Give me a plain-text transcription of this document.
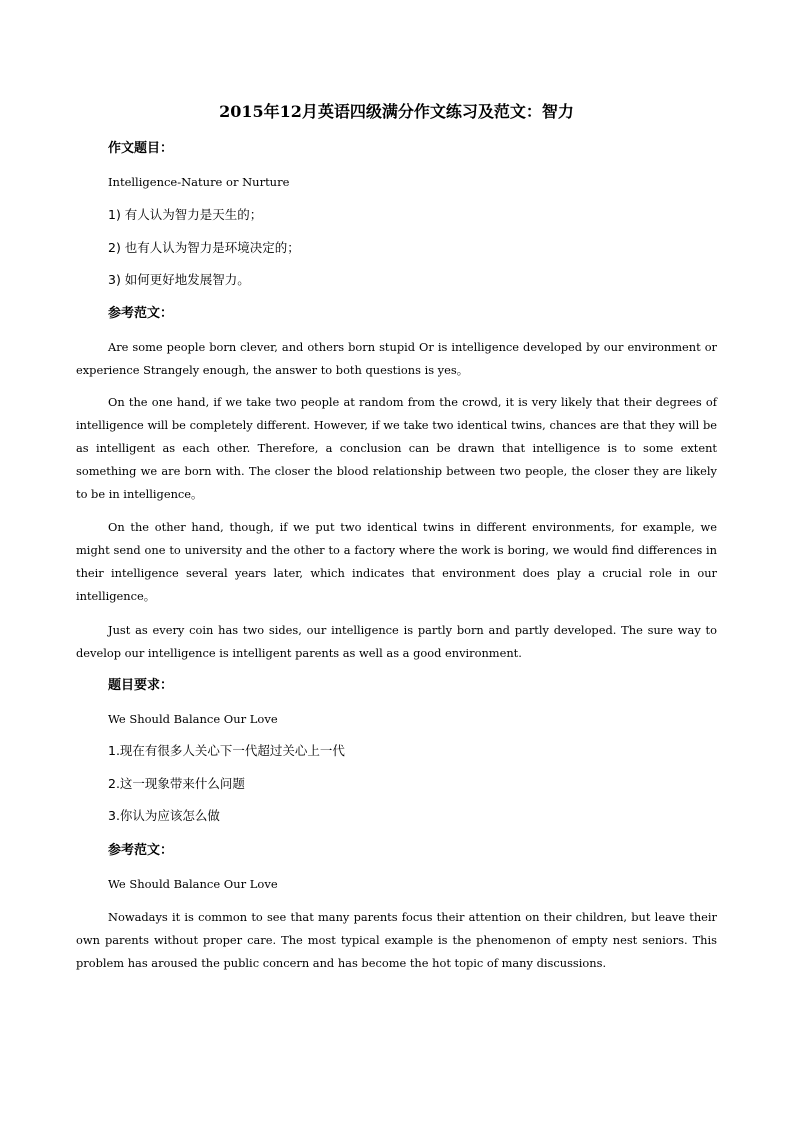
2015年12月英语四级满分作文练习及范文：智力
作文题目：
Intelligence-Nature or Nurture
1) 有人认为智力是天生的；
2) 也有人认为智力是环境决定的；
3) 如何更好地发展智力。
参考范文：

Are some people born clever, and others born stupid Or is intelligence developed by our environment or experience Strangely enough, the answer to both questions is yes。

On the one hand, if we take two people at random from the crowd, it is very likely that their degrees of intelligence will be completely different. However, if we take two identical twins, chances are that they will be as intelligent as each other. Therefore, a conclusion can be drawn that intelligence is to some extent something we are born with. The closer the blood relationship between two people, the closer they are likely to be in intelligence。

On the other hand, though, if we put two identical twins in different environments, for example, we might send one to university and the other to a factory where the work is boring, we would find differences in their intelligence several years later, which indicates that environment does play a crucial role in our intelligence。

Just as every coin has two sides, our intelligence is partly born and partly developed. The sure way to develop our intelligence is intelligent parents as well as a good environment.

题目要求：
We Should Balance Our Love
1.现在有很多人关心下一代超过关心上一代
2.这一现象带来什么问题
3.你认为应该怎么做
参考范文：
We Should Balance Our Love

Nowadays it is common to see that many parents focus their attention on their children, but leave their own parents without proper care. The most typical example is the phenomenon of empty nest seniors. This problem has aroused the public concern and has become the hot topic of many discussions.
